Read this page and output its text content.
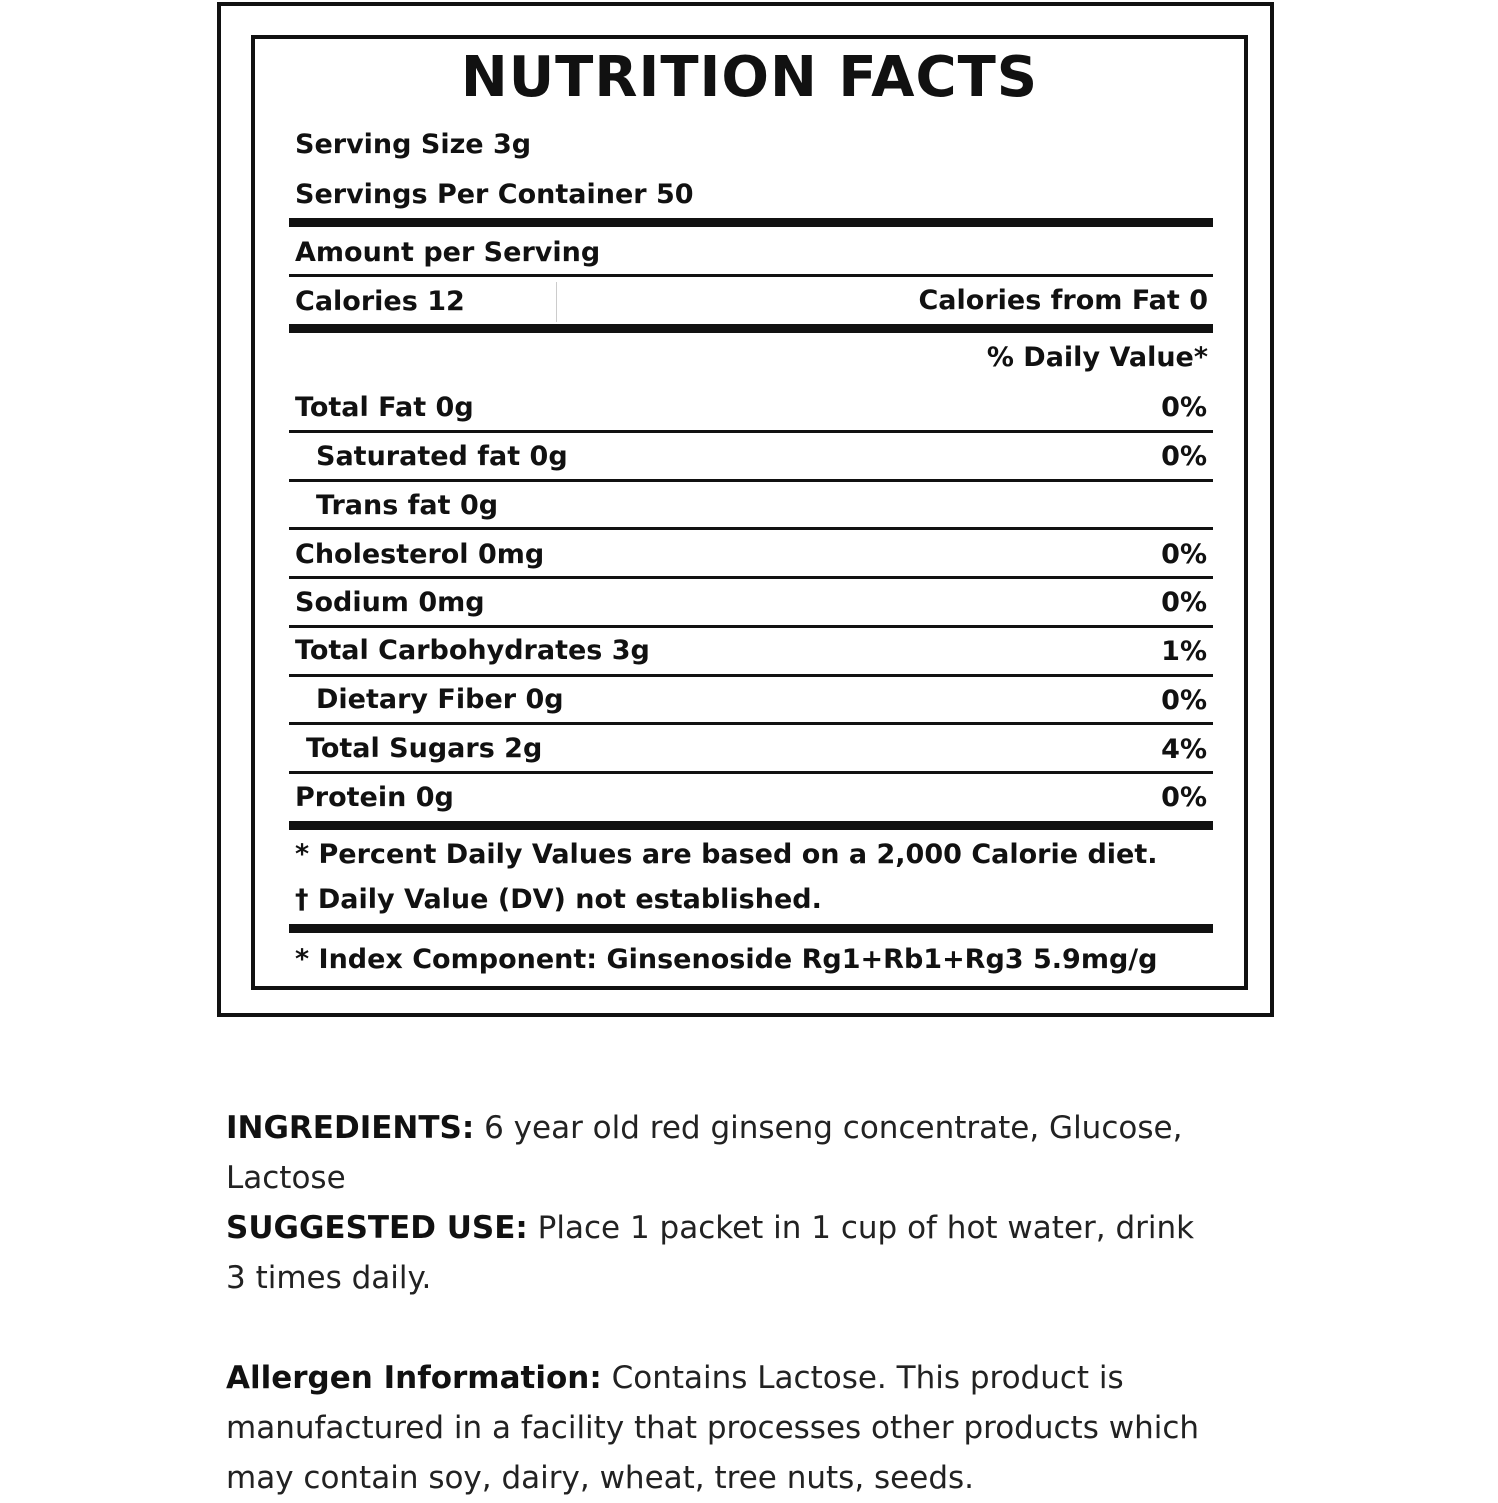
NUTRITION FACTS
Serving Size 3g
Servings Per Container 50
Amount per Serving
Calories 12	Calories from Fat 0
% Daily Value*
Total Fat 0g	0%
Saturated fat 0g	0%
Trans fat 0g
Cholesterol 0mg	0%
Sodium 0mg	0%
Total Carbohydrates 3g	1%
Dietary Fiber 0g	0%
Total Sugars 2g	4%
Protein 0g	0%
* Percent Daily Values are based on a 2,000 Calorie diet.
† Daily Value (DV) not established.
* Index Component: Ginsenoside Rg1+Rb1+Rg3 5.9mg/g
INGREDIENTS: 6 year old red ginseng concentrate, Glucose, Lactose
SUGGESTED USE: Place 1 packet in 1 cup of hot water, drink 3 times daily.
Allergen Information: Contains Lactose. This product is manufactured in a facility that processes other products which may contain soy, dairy, wheat, tree nuts, seeds.
